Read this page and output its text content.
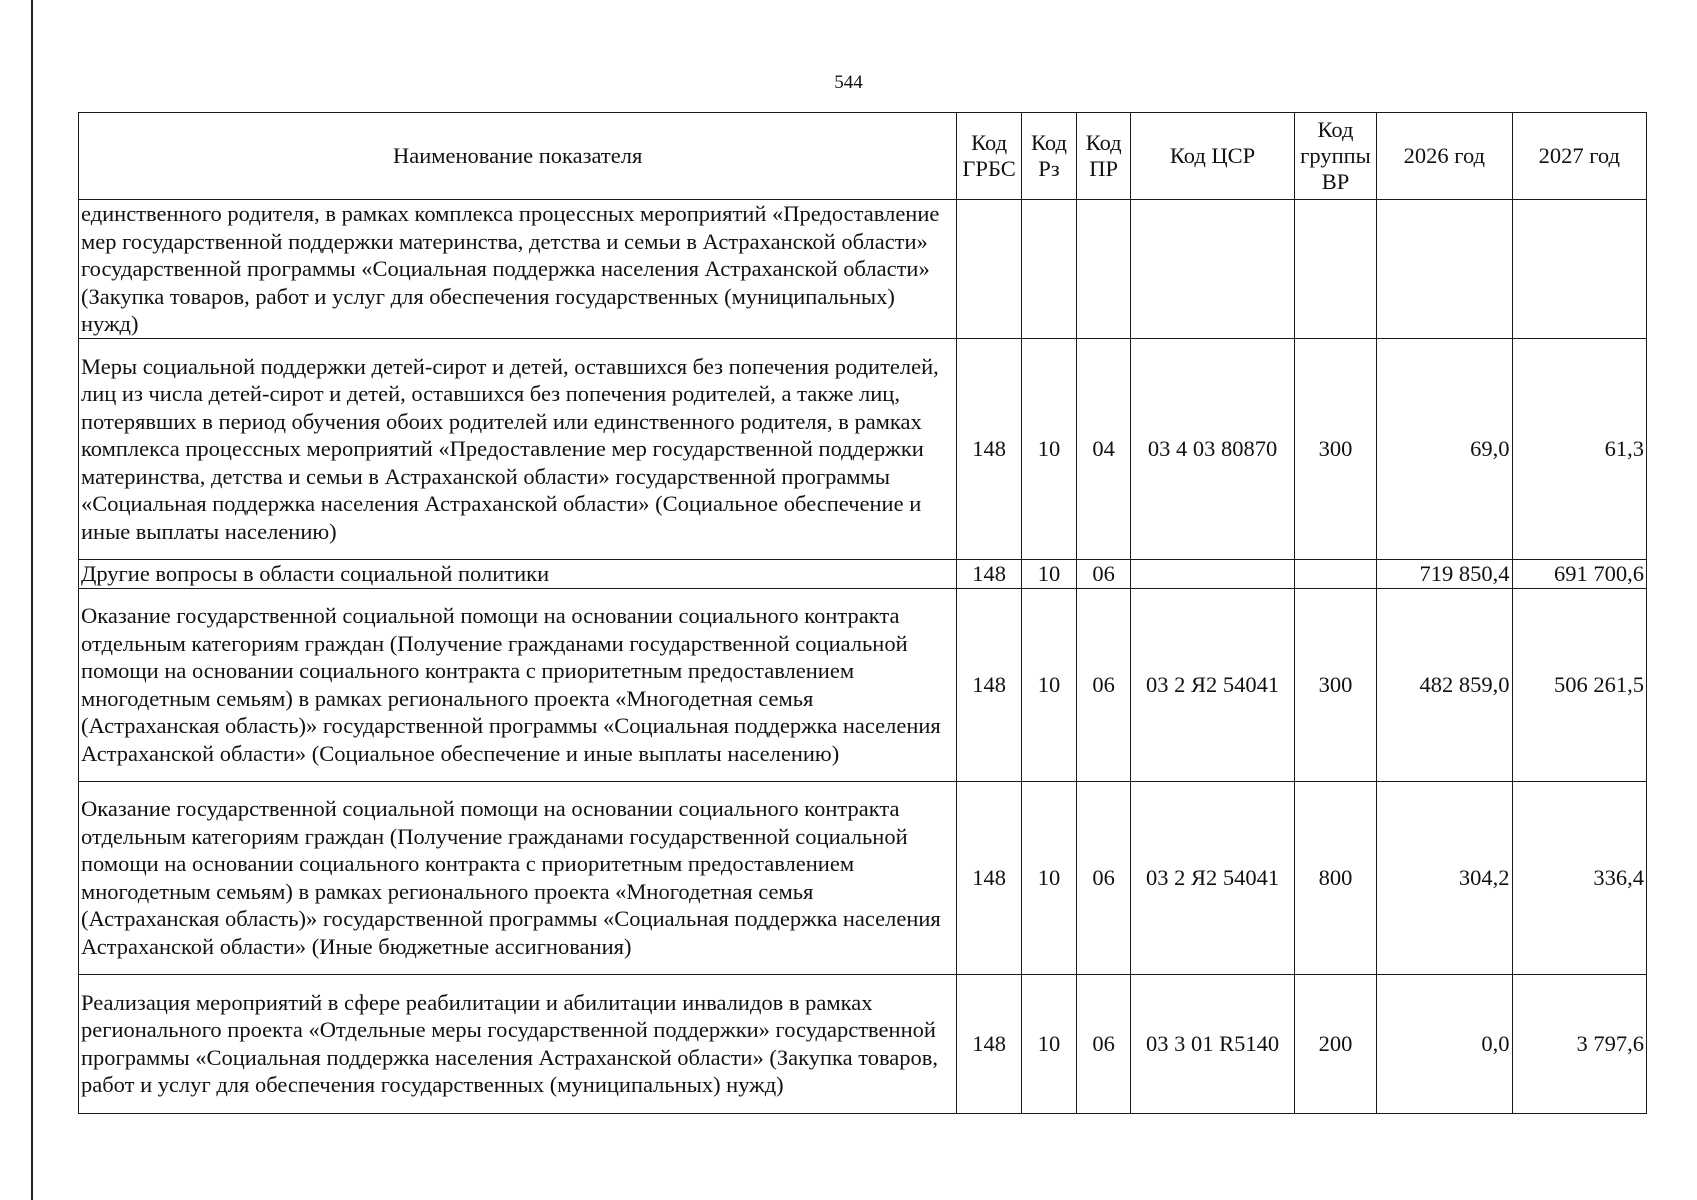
544
Наименование показателя	Код ГРБС	Код Рз	Код ПР	Код ЦСР	Код группы ВР	2026 год	2027 год
единственного родителя, в рамках комплекса процессных мероприятий «Предоставление мер государственной поддержки материнства, детства и семьи в Астраханской области» государственной программы «Социальная поддержка населения Астраханской области» (Закупка товаров, работ и услуг для обеспечения государственных (муниципальных) нужд)							
Меры социальной поддержки детей-сирот и детей, оставшихся без попечения родителей, лиц из числа детей-сирот и детей, оставшихся без попечения родителей, а также лиц, потерявших в период обучения обоих родителей или единственного родителя, в рамках комплекса процессных мероприятий «Предоставление мер государственной поддержки материнства, детства и семьи в Астраханской области» государственной программы «Социальная поддержка населения Астраханской области» (Социальное обеспечение и иные выплаты населению)	148	10	04	03 4 03 80870	300	69,0	61,3
Другие вопросы в области социальной политики	148	10	06			719 850,4	691 700,6
Оказание государственной социальной помощи на основании социального контракта отдельным категориям граждан (Получение гражданами государственной социальной помощи на основании социального контракта с приоритетным предоставлением многодетным семьям) в рамках регионального проекта «Многодетная семья (Астраханская область)» государственной программы «Социальная поддержка населения Астраханской области» (Социальное обеспечение и иные выплаты населению)	148	10	06	03 2 Я2 54041	300	482 859,0	506 261,5
Оказание государственной социальной помощи на основании социального контракта отдельным категориям граждан (Получение гражданами государственной социальной помощи на основании социального контракта с приоритетным предоставлением многодетным семьям) в рамках регионального проекта «Многодетная семья (Астраханская область)» государственной программы «Социальная поддержка населения Астраханской области» (Иные бюджетные ассигнования)	148	10	06	03 2 Я2 54041	800	304,2	336,4
Реализация мероприятий в сфере реабилитации и абилитации инвалидов в рамках регионального проекта «Отдельные меры государственной поддержки» государственной программы «Социальная поддержка населения Астраханской области» (Закупка товаров, работ и услуг для обеспечения государственных (муниципальных) нужд)	148	10	06	03 3 01 R5140	200	0,0	3 797,6
